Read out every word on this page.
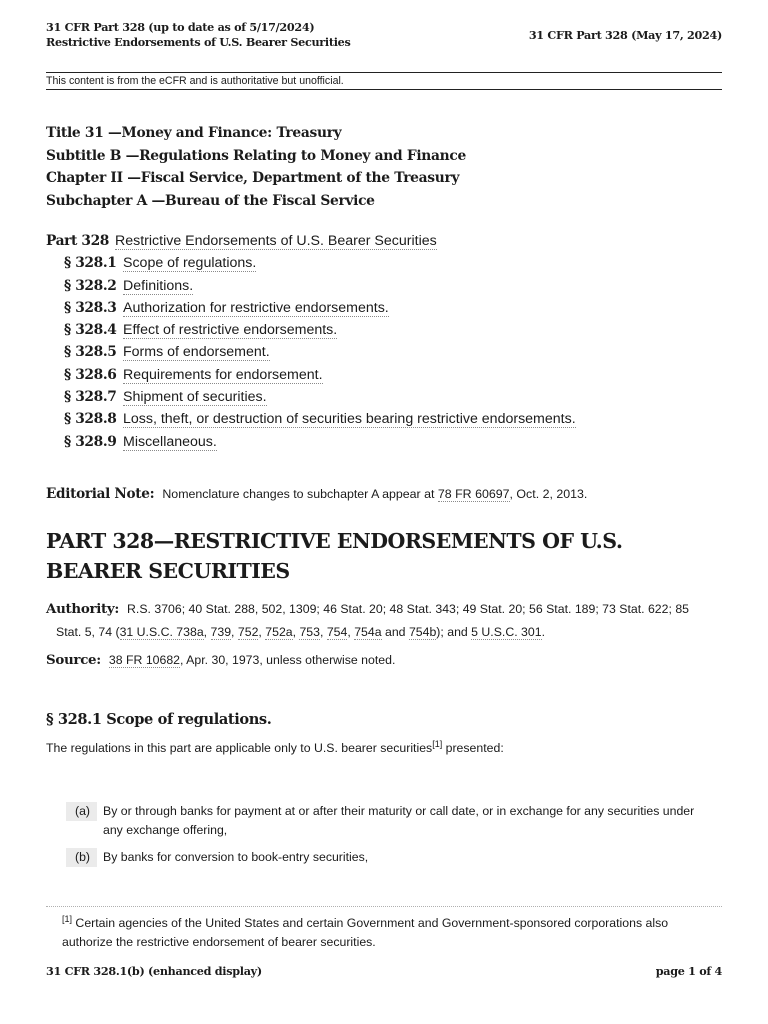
31 CFR Part 328 (up to date as of 5/17/2024)
Restrictive Endorsements of U.S. Bearer Securities	31 CFR Part 328 (May 17, 2024)
This content is from the eCFR and is authoritative but unofficial.
Title 31 —Money and Finance: Treasury
Subtitle B —Regulations Relating to Money and Finance
Chapter II —Fiscal Service, Department of the Treasury
Subchapter A —Bureau of the Fiscal Service
Part 328 Restrictive Endorsements of U.S. Bearer Securities
§ 328.1 Scope of regulations.
§ 328.2 Definitions.
§ 328.3 Authorization for restrictive endorsements.
§ 328.4 Effect of restrictive endorsements.
§ 328.5 Forms of endorsement.
§ 328.6 Requirements for endorsement.
§ 328.7 Shipment of securities.
§ 328.8 Loss, theft, or destruction of securities bearing restrictive endorsements.
§ 328.9 Miscellaneous.
Editorial Note: Nomenclature changes to subchapter A appear at 78 FR 60697, Oct. 2, 2013.
PART 328—RESTRICTIVE ENDORSEMENTS OF U.S. BEARER SECURITIES
Authority: R.S. 3706; 40 Stat. 288, 502, 1309; 46 Stat. 20; 48 Stat. 343; 49 Stat. 20; 56 Stat. 189; 73 Stat. 622; 85
Stat. 5, 74 (31 U.S.C. 738a, 739, 752, 752a, 753, 754, 754a and 754b); and 5 U.S.C. 301.
Source: 38 FR 10682, Apr. 30, 1973, unless otherwise noted.
§ 328.1 Scope of regulations.
The regulations in this part are applicable only to U.S. bearer securities[1] presented:
(a)	By or through banks for payment at or after their maturity or call date, or in exchange for any securities under any exchange offering,
(b)	By banks for conversion to book-entry securities,
[1] Certain agencies of the United States and certain Government and Government-sponsored corporations also authorize the restrictive endorsement of bearer securities.
31 CFR 328.1(b) (enhanced display)	page 1 of 4
